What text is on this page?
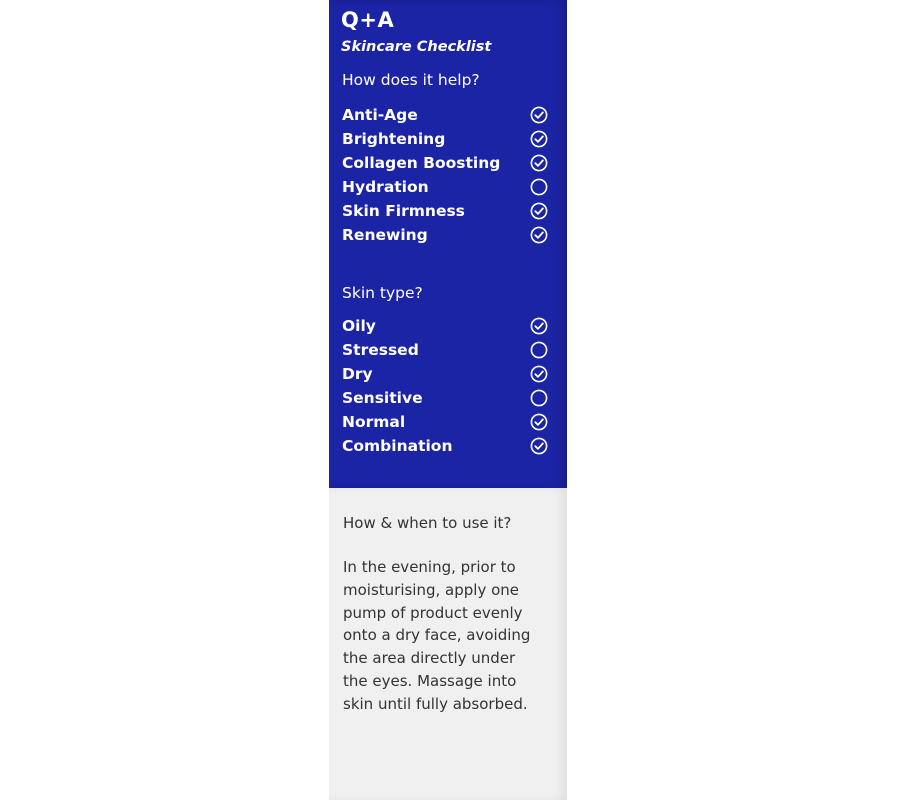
Q+A
Skincare Checklist
How does it help?
Anti-Age
Brightening
Collagen Boosting
Hydration
Skin Firmness
Renewing
Skin type?
Oily
Stressed
Dry
Sensitive
Normal
Combination
How & when to use it?
In the evening, prior to
moisturising, apply one
pump of product evenly
onto a dry face, avoiding
the area directly under
the eyes. Massage into
skin until fully absorbed.
